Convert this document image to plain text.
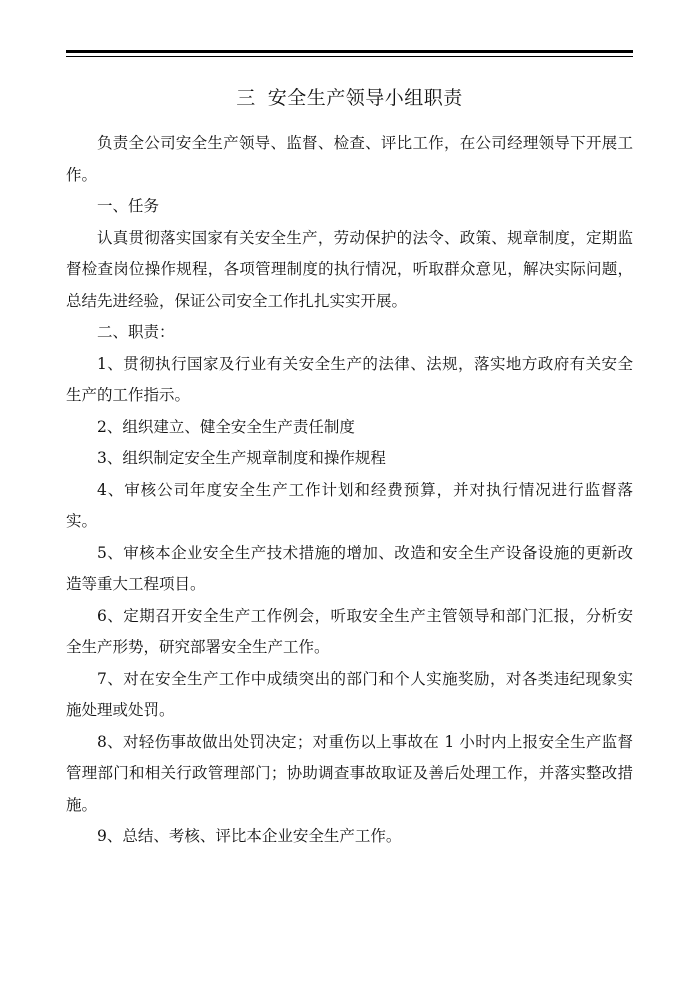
三 安全生产领导小组职责

负责全公司安全生产领导、监督、检查、评比工作，在公司经理领导下开展工作。

一、任务

认真贯彻落实国家有关安全生产，劳动保护的法令、政策、规章制度，定期监督检查岗位操作规程，各项管理制度的执行情况，听取群众意见，解决实际问题，总结先进经验，保证公司安全工作扎扎实实开展。

二、职责：

1、贯彻执行国家及行业有关安全生产的法律、法规，落实地方政府有关安全生产的工作指示。

2、组织建立、健全安全生产责任制度

3、组织制定安全生产规章制度和操作规程

4、审核公司年度安全生产工作计划和经费预算，并对执行情况进行监督落实。

5、审核本企业安全生产技术措施的增加、改造和安全生产设备设施的更新改造等重大工程项目。

6、定期召开安全生产工作例会，听取安全生产主管领导和部门汇报，分析安全生产形势，研究部署安全生产工作。

7、对在安全生产工作中成绩突出的部门和个人实施奖励，对各类违纪现象实施处理或处罚。

8、对轻伤事故做出处罚决定；对重伤以上事故在 1 小时内上报安全生产监督管理部门和相关行政管理部门；协助调查事故取证及善后处理工作，并落实整改措施。

9、总结、考核、评比本企业安全生产工作。
